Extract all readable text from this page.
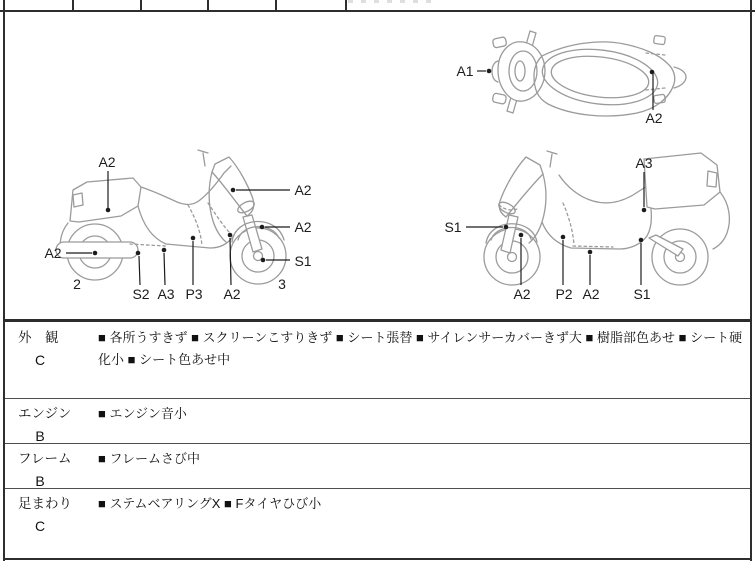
A1
A2
A2
A2
A2
A2	S1
S2 A3 P3 A2
2	3
A3
S1
A2 P2 A2 S1
外　観
C
■ 各所うすきず ■ スクリーンこすりきず ■ シート張替 ■ サイレンサーカバーきず大 ■ 樹脂部色あせ ■ シート硬化小 ■ シート色あせ中
エンジン
B
■ エンジン音小
フレーム
B
■ フレームさび中
足まわり
C
■ ステムベアリングX ■ Fタイヤひび小
